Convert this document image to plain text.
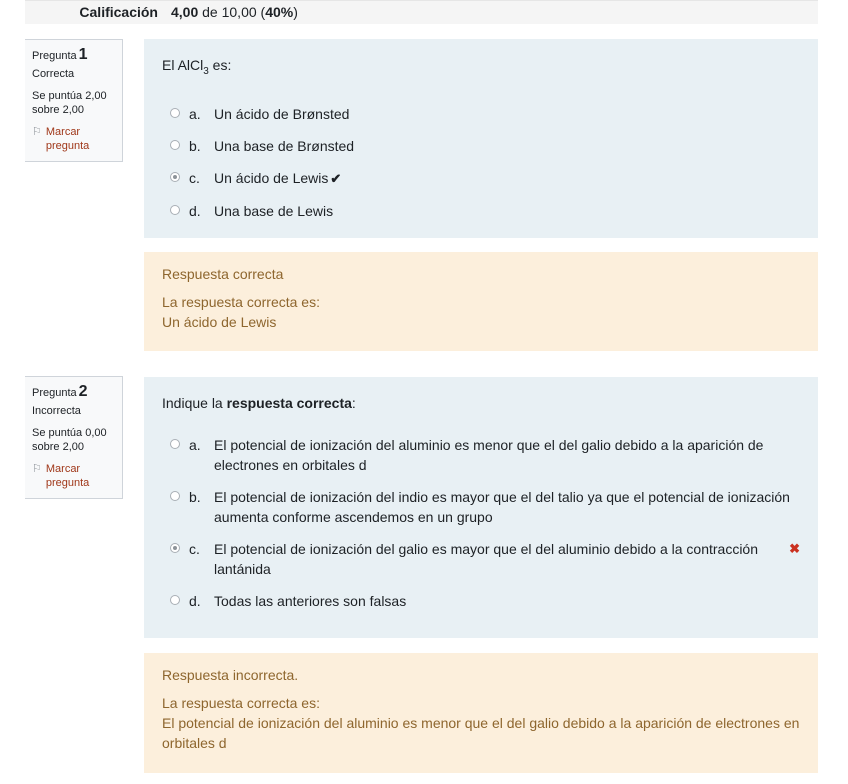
Calificación 4,00 de 10,00 (40%)
Pregunta 1
Correcta
Se puntúa 2,00 sobre 2,00
⚐ Marcar pregunta
El AlCl$_3$ es:
a. Un ácido de Brønsted
b. Una base de Brønsted
c.	Un ácido de Lewis ✔
d. Una base de Lewis
Respuesta correcta
La respuesta correcta es:
Un ácido de Lewis
Pregunta 2
Incorrecta
Se puntúa 0,00 sobre 2,00
⚐ Marcar pregunta
Indique la respuesta correcta:
a. El potencial de ionización del aluminio es menor que el del galio debido a la aparición de electrones en orbitales d
b. El potencial de ionización del indio es mayor que el del talio ya que el potencial de ionización aumenta conforme ascendemos en un grupo
c.	El potencial de ionización del galio es mayor que el del aluminio debido a la contracción lantánida
✖
d. Todas las anteriores son falsas
Respuesta incorrecta.
La respuesta correcta es:
El potencial de ionización del aluminio es menor que el del galio debido a la aparición de electrones en orbitales d
